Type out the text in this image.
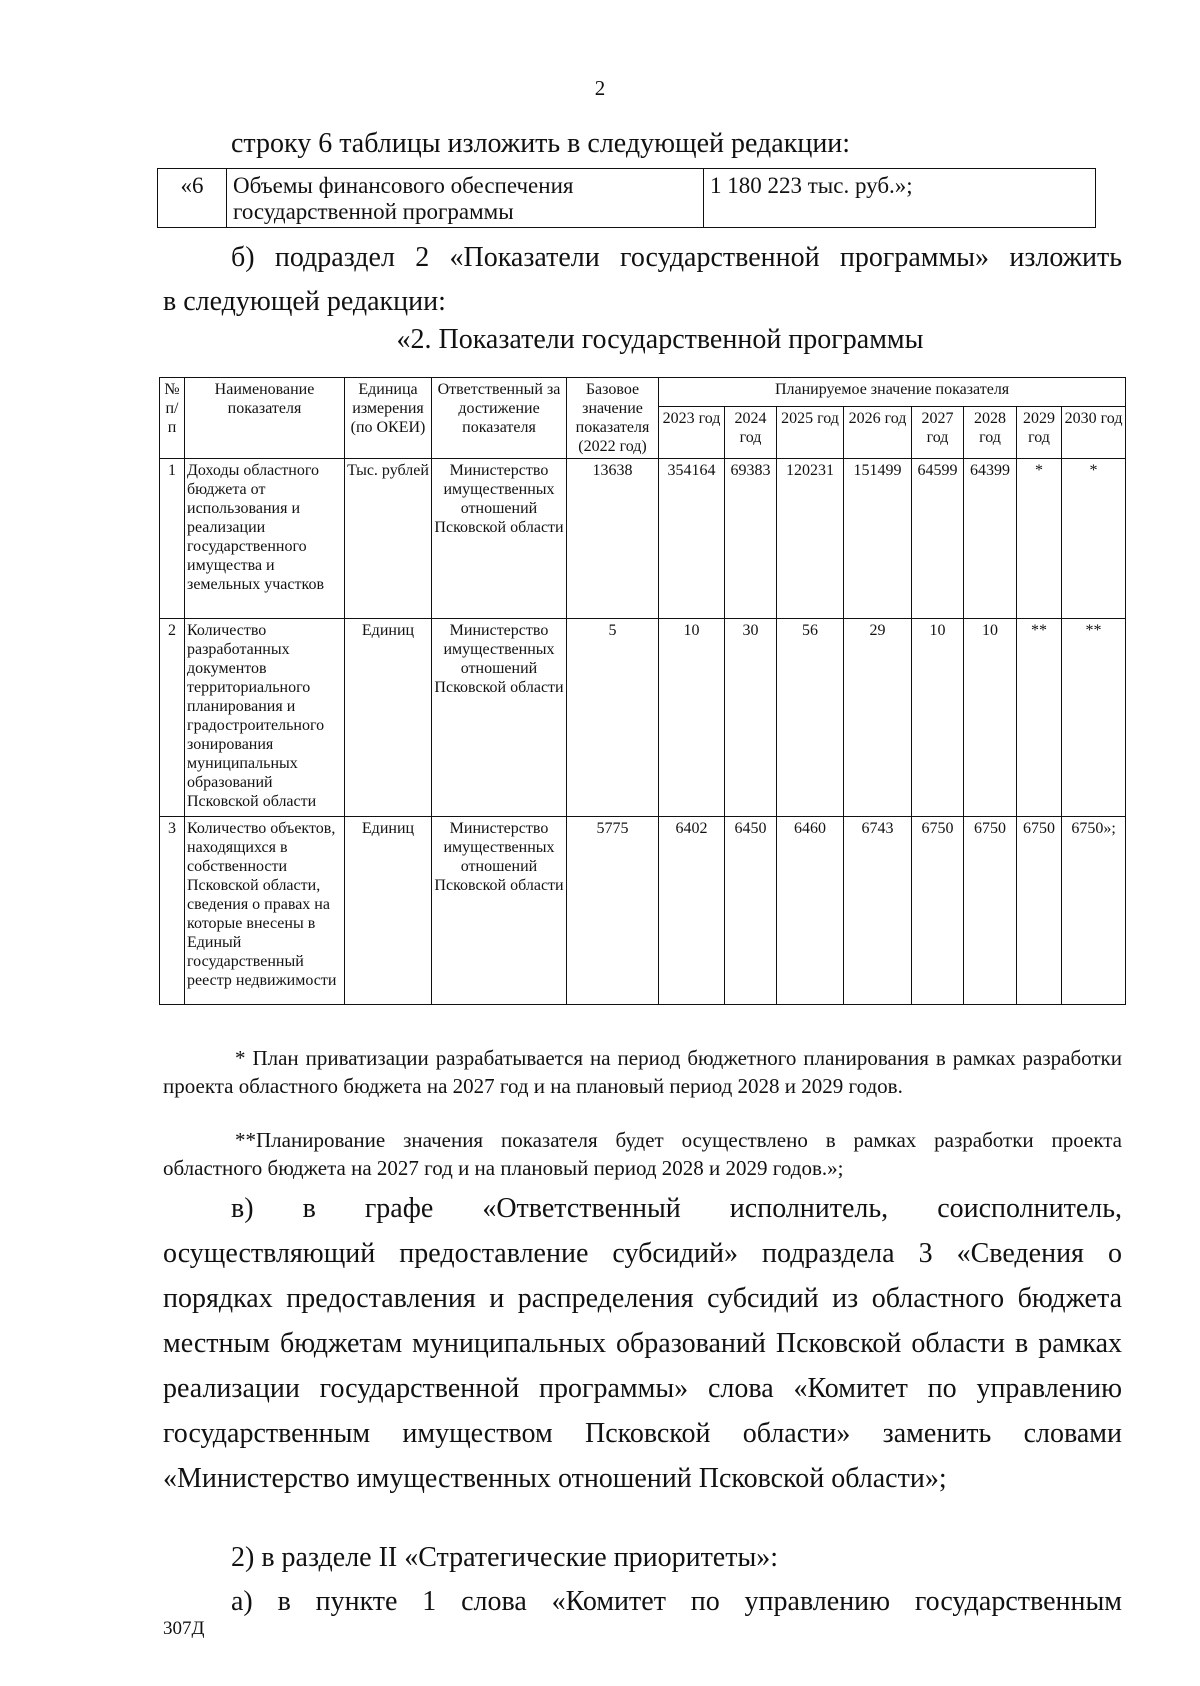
2
строку 6 таблицы изложить в следующей редакции:
«6	Объемы финансового обеспечения государственной программы	1 180 223 тыс. руб.»;
б) подраздел 2 «Показатели государственной программы» изложить
в следующей редакции:
«2. Показатели государственной программы
№ п/п	Наименование показателя	Единица измерения (по ОКЕИ)	Ответственный за достижение показателя	Базовое значение показателя (2022 год)	Планируемое значение показателя							
					2023 год	2024 год	2025 год	2026 год	2027 год	2028 год	2029 год	2030 год
1	Доходы областного бюджета от использования и реализации государственного имущества и земельных участков	Тыс. рублей	Министерство имущественных отношений Псковской области	13638	354164	69383	120231	151499	64599	64399	*	*
2	Количество разработанных документов территориального планирования и градостроительного зонирования муниципальных образований Псковской области	Единиц	Министерство имущественных отношений Псковской области	5	10	30	56	29	10	10	**	**
3	Количество объектов, находящихся в собственности Псковской области, сведения о правах на которые внесены в Единый государственный реестр недвижимости	Единиц	Министерство имущественных отношений Псковской области	5775	6402	6450	6460	6743	6750	6750	6750	6750»;
* План приватизации разрабатывается на период бюджетного планирования в рамках разработки проекта областного бюджета на 2027 год и на плановый период 2028 и 2029 годов.
**Планирование значения показателя будет осуществлено в рамках разработки проекта областного бюджета на 2027 год и на плановый период 2028 и 2029 годов.»;
в) в графе «Ответственный исполнитель, соисполнитель, осуществляющий предоставление субсидий» подраздела 3 «Сведения о порядках предоставления и распределения субсидий из областного бюджета местным бюджетам муниципальных образований Псковской области в рамках реализации государственной программы» слова «Комитет по управлению государственным имуществом Псковской области» заменить словами «Министерство имущественных отношений Псковской области»;
2) в разделе II «Стратегические приоритеты»:
а) в пункте 1 слова «Комитет по управлению государственным
307Д
